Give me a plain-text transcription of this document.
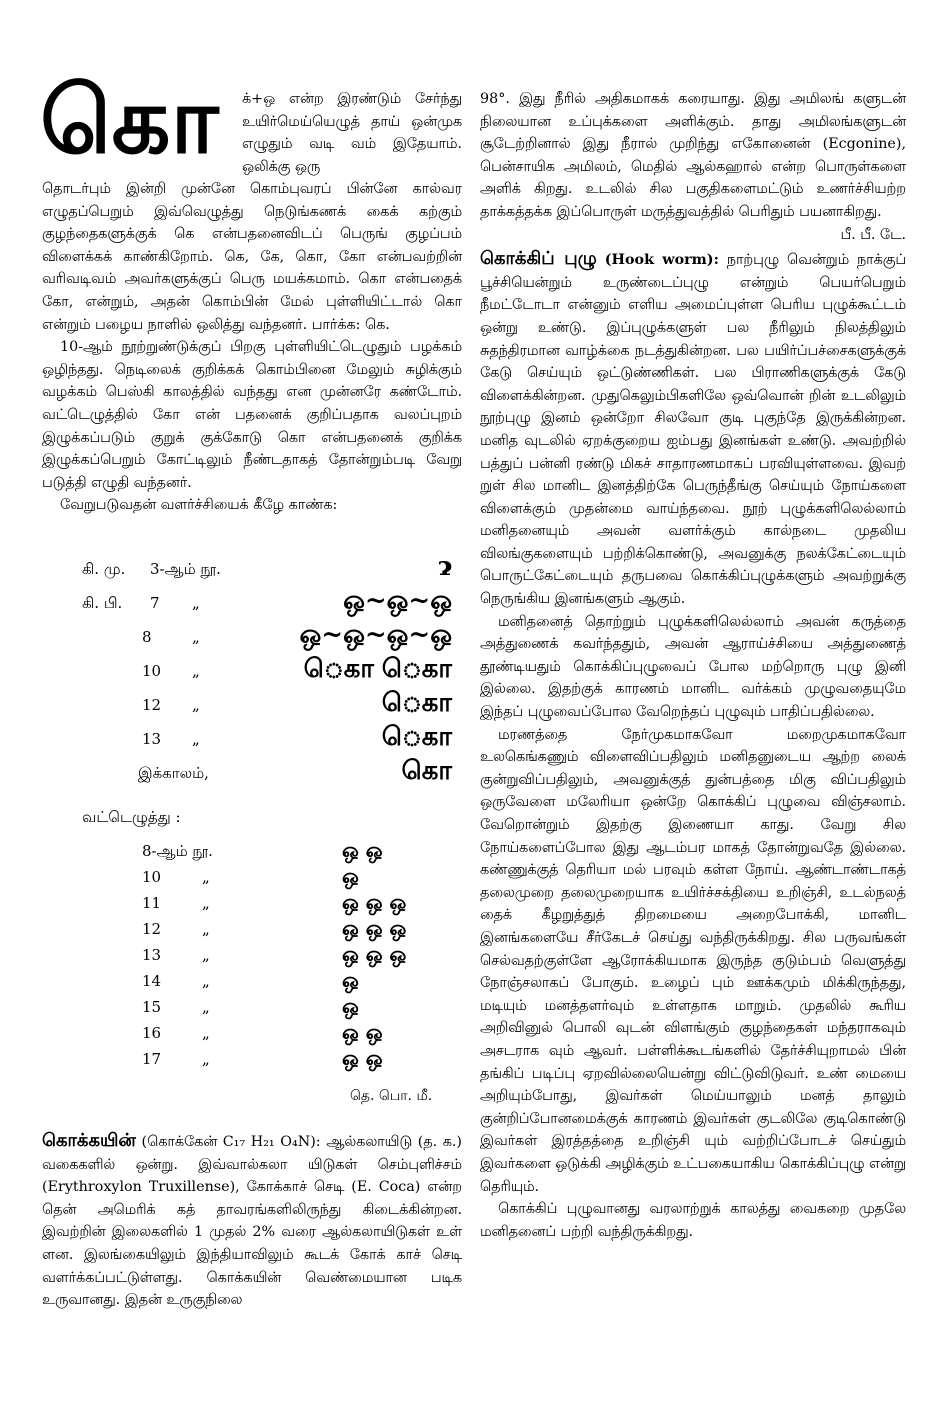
கொ	க்+ஒ என்ற இரண்டும் சேர்ந்து உயிர்மெய்யெழுத் தாய் ஒன்முக எழுதும் வடி வம் இதேயாம். ஒலிக்கு ஒரு

தொடர்பும் இன்றி முன்னே கொம்புவரப் பின்னே கால்வர எழுதப்பெறும் இவ்வெழுத்து நெடுங்கணக் கைக் கற்கும் குழந்தைகளுக்குக் கெ என்பதனைவிடப் பெருங் குழப்பம் விளைக்கக் காண்கிறோம். கெ, கே, கொ, கோ என்பவற்றின் வரிவடிவம் அவர்களுக்குப் பெரு மயக்கமாம். கொ என்பதைக் கோ, என்றும், அதன் கொம்பின் மேல் புள்ளியிட்டால் கொ என்றும் பழைய நாளில் ஒலித்து வந்தனர். பார்க்க: கெ.

10-ஆம் நூற்றுண்டுக்குப் பிறகு புள்ளியிட்டெழுதும் பழக்கம் ஒழிந்தது. நெடிலைக் குறிக்கக் கொம்பினை மேலும் சுழிக்கும் வழக்கம் பெஸ்கி காலத்தில் வந்தது என முன்னரே கண்டோம். வட்டெழுத்தில் கோ என் பதனைக் குறிப்பதாக வலப்புறம் இழுக்கப்படும் குறுக் குக்கோடு கொ என்பதனைக் குறிக்க இழுக்கப்பெறும் கோட்டிலும் நீண்டதாகத் தோன்றும்படி வேறு படுத்தி எழுதி வந்தனர்.

வேறுபடுவதன் வளர்ச்சியைக் கீழே காண்க:

கி. மு. 3-ஆம் நூ.	ɂ
கி. பி. 7 „	ஒ~ஒ~ஒ
8	„	ஒ~ஒ~ஒ~ஒ
10 „	ெகா ெகா
12 „	ெகா
13 „	ெகா
இக்காலம்,	கொ
வட்டெழுத்து :
8-ஆம் நூ.	ஒ ஒ
10	„	ஒ
11	„	ஒ ஒ ஒ
12	„	ஒ ஒ ஒ
13	„	ஒ ஒ ஒ
14	„	ஒ
15	„	ஒ
16	„	ஒ ஒ
17	„	ஒ ஒ
தெ. பொ. மீ.

கொக்கயின் (கொக்கேன் C₁₇ H₂₁ O₄N): ஆல்கலாயிடு (த. க.) வகைகளில் ஒன்று. இவ்வால்கலா யிடுகள் செம்புளிச்சம் (Erythroxylon Truxillense), கோக்காச் செடி (E. Coca) என்ற தென் அமெரிக் கத் தாவரங்களிலிருந்து கிடைக்கின்றன. இவற்றின் இலைகளில் 1 முதல் 2% வரை ஆல்கலாயிடுகள் உள் ளன. இலங்கையிலும் இந்தியாவிலும் கூடக் கோக் காச் செடி வளர்க்கப்பட்டுள்ளது. கொக்கயின் வெண்மையான படிக உருவானது. இதன் உருகுநிலை

98°. இது நீரில் அதிகமாகக் கரையாது. இது அமிலங் களுடன் நிலையான உப்புக்களை அளிக்கும். தாது அமிலங்களுடன் சூடேற்றினால் இது நீரால் முறிந்து எகோனைன் (Ecgonine), பென்சாயிக அமிலம், மெதில் ஆல்கஹால் என்ற பொருள்களை அளிக் கிறது. உடலில் சில பகுதிகளைமட்டும் உணர்ச்சியற்ற தாக்கத்தக்க இப்பொருள் மருத்துவத்தில் பெரிதும் பயனாகிறது.

பீ. பீ. டே.

கொக்கிப் புழு (Hook worm): நாற்புழு வென்றும் நாக்குப் பூச்சியென்றும் உருண்டைப்புழு என்றும் பெயர்பெறும் நீமட்டோடா என்னும் எளிய அமைப்புள்ள பெரிய புழுக்கூட்டம் ஒன்று உண்டு. இப்புழுக்களுள் பல நீரிலும் நிலத்திலும் சுதந்திரமான வாழ்க்கை நடத்துகின்றன. பல பயிர்ப்பச்சைகளுக்குக் கேடு செய்யும் ஒட்டுண்ணிகள். பல பிராணிகளுக்குக் கேடு விளைக்கின்றன. முதுகெலும்பிகளிலே ஒவ்வொன் றின் உடலிலும் நூற்புழு இனம் ஒன்றோ சிலவோ குடி புகுந்தே இருக்கின்றன. மனித வுடலில் ஏறக்குறைய ஐம்பது இனங்கள் உண்டு. அவற்றில் பத்துப் பன்னி ரண்டு மிகச் சாதாரணமாகப் பரவியுள்ளவை. இவற் றுள் சில மானிட இனத்திற்கே பெருந்தீங்கு செய்யும் நோய்களை விளைக்கும் முதன்மை வாய்ந்தவை. நூற் புழுக்களிலெல்லாம் மனிதனையும் அவன் வளர்க்கும் கால்நடை முதலிய விலங்குகளையும் பற்றிக்கொண்டு, அவனுக்கு நலக்கேட்டையும் பொருட்கேட்டையும் தருபவை கொக்கிப்புழுக்களும் அவற்றுக்கு நெருங்கிய இனங்களும் ஆகும்.

மனிதனைத் தொற்றும் புழுக்களிலெல்லாம் அவன் கருத்தை அத்துணைக் கவர்ந்ததும், அவன் ஆராய்ச்சியை அத்துணைத் தூண்டியதும் கொக்கிப்புழுவைப் போல மற்றொரு புழு இனி இல்லை. இதற்குக் காரணம் மானிட வர்க்கம் முழுவதையுமே இந்தப் புழுவைப்போல வேறெந்தப் புழுவும் பாதிப்பதில்லை.

மரணத்தை நேர்முகமாகவோ மறைமுகமாகவோ உலகெங்கணும் விளைவிப்பதிலும் மனிதனுடைய ஆற்ற லைக் குன்றுவிப்பதிலும், அவனுக்குத் துன்பத்தை மிகு விப்பதிலும் ஒருவேளை மலேரியா ஒன்றே கொக்கிப் புழுவை விஞ்சலாம். வேறொன்றும் இதற்கு இணையா காது. வேறு சில நோய்களைப்போல இது ஆடம்பர மாகத் தோன்றுவதே இல்லை. கண்ணுக்குத் தெரியா மல் பரவும் கள்ள நோய். ஆண்டாண்டாகத் தலைமுறை தலைமுறையாக உயிர்ச்சக்தியை உறிஞ்சி, உடல்நலத் தைக் கீழறுத்துத் திறமையை அறைபோக்கி, மானிட இனங்களையே சீர்கேடச் செய்து வந்திருக்கிறது. சில பருவங்கள் செல்வதற்குள்ளே ஆரோக்கியமாக இருந்த குடும்பம் வெளுத்து நோஞ்சலாகப் போகும். உழைப் பும் ஊக்கமும் மிக்கிருந்தது, மடியும் மனத்தளர்வும் உள்ளதாக மாறும். முதலில் கூரிய அறிவினுல் பொலி வுடன் விளங்கும் குழந்தைகள் மந்தராகவும் அசடராக வும் ஆவர். பள்ளிக்கூடங்களில் தேர்ச்சியுறாமல் பின் தங்கிப் படிப்பு ஏறவில்லையென்று விட்டுவிடுவர். உண் மையை அறியும்போது, இவர்கள் மெய்யாலும் மனத் தாலும் குன்றிப்போனமைக்குக் காரணம் இவர்கள் குடலிலே குடிகொண்டு இவர்கள் இரத்தத்தை உறிஞ்சி யும் வற்றிப்போடச் செய்தும் இவர்களை ஒடுக்கி அழிக்கும் உட்பகையாகிய கொக்கிப்புழு என்று தெரியும்.

கொக்கிப் புழுவானது வரலாற்றுக் காலத்து வைகறை முதலே மனிதனைப் பற்றி வந்திருக்கிறது.
